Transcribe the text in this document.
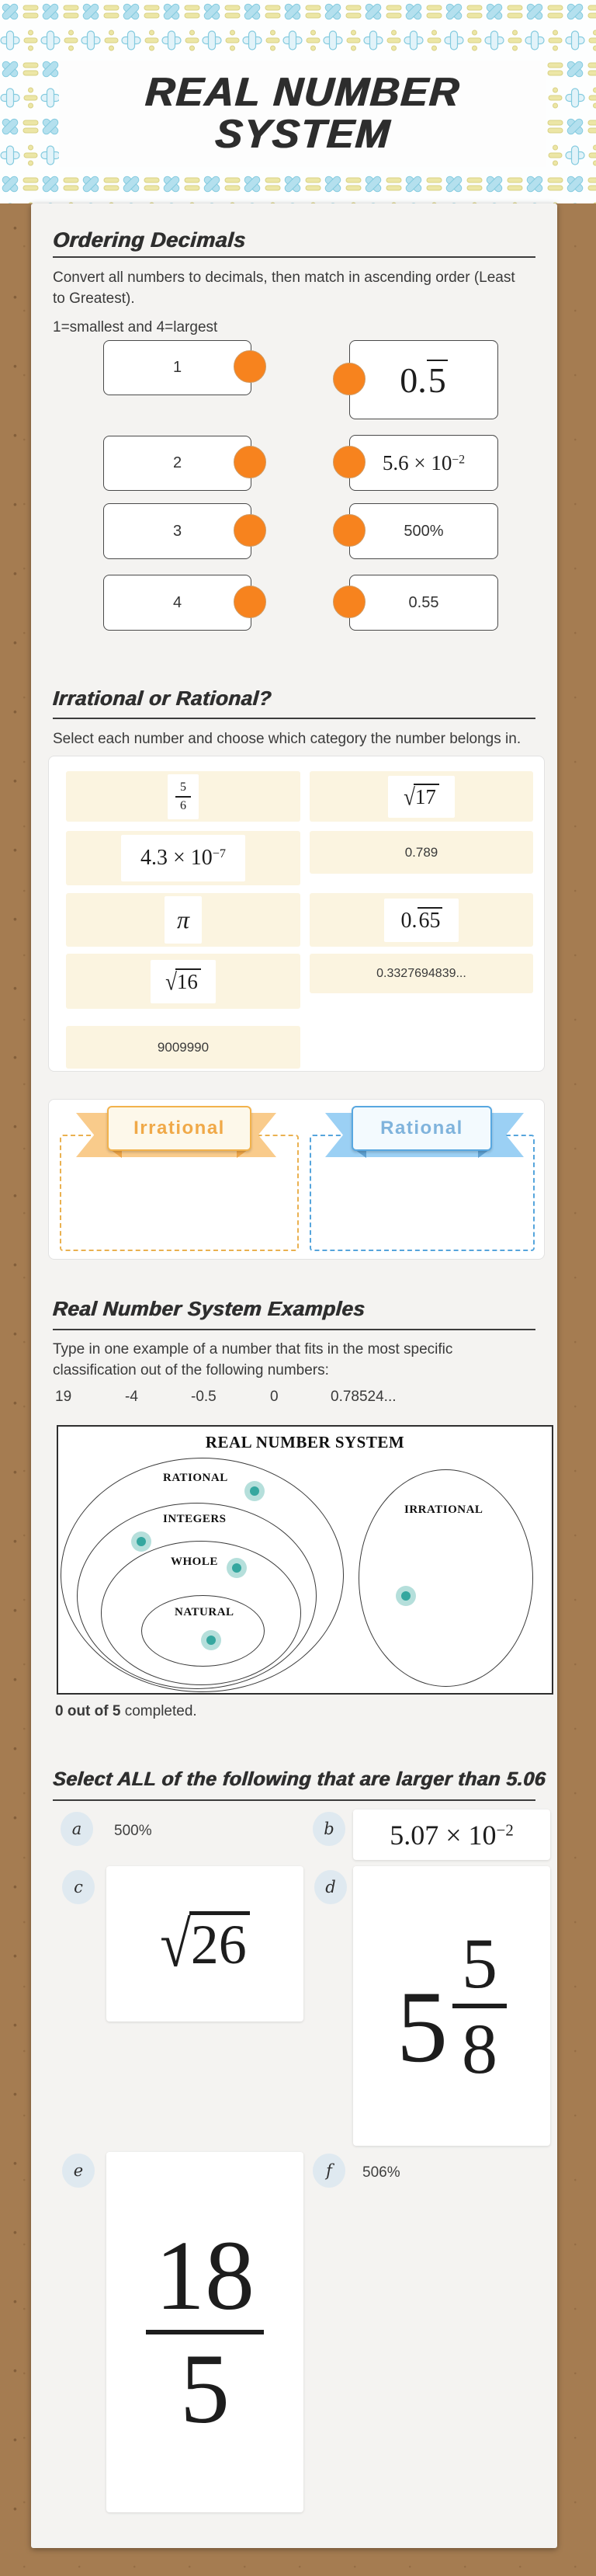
REAL NUMBER
SYSTEM
Ordering Decimals
Convert all numbers to decimals, then match in ascending order (Least to Greatest).
1=smallest and 4=largest
1	0.5
2	$5.6 \times 10^{-2}$
3	500%
4	0.55
Irrational or Rational?
Select each number and choose which category the number belongs in.
$\frac{5}{6}$
$4.3 \times 10^{-7}$
π
√16
9009990
√17
0.789
0.65
0.3327694839...
Irrational	Rational
Real Number System Examples
Type in one example of a number that fits in the most specific classification out of the following numbers:
19	-4	-0.5	0	0.78524...
REAL NUMBER SYSTEM
RATIONAL
INTEGERS
WHOLE
NATURAL
IRRATIONAL
0 out of 5 completed.
Select ALL of the following that are larger than 5.06
a 500%	b $5.07 \times 10^{-2}$
c
√26
d
$5 \frac{5}{8}$
e
$\frac{18}{5}$
f 506%
